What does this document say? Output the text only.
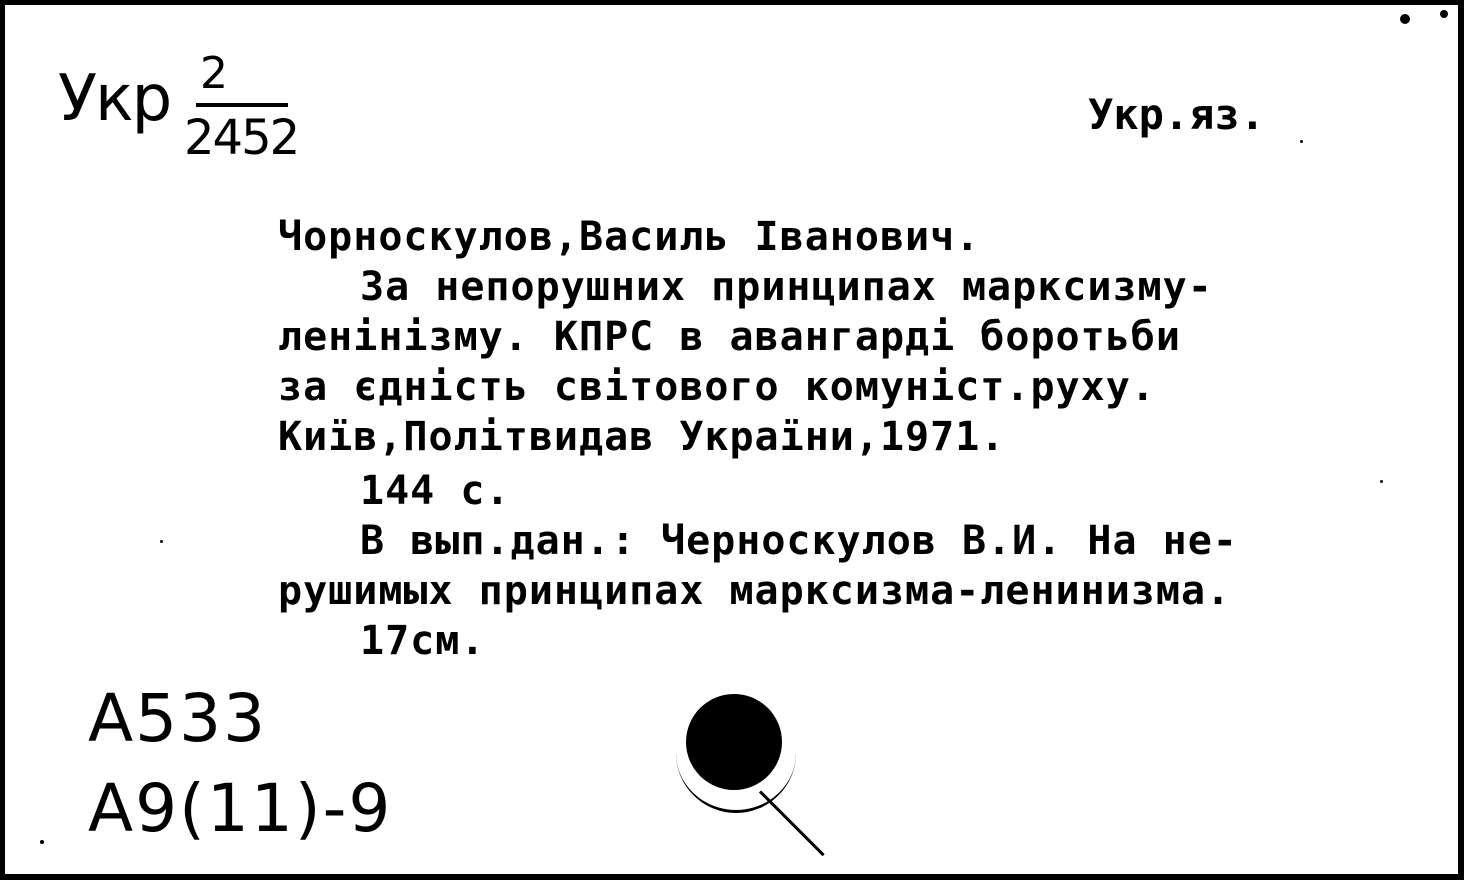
Укр 2
2452	Укр.яз.
Чорноскулов,Василь Іванович.
За непорушних принципах марксизму-
ленінізму. КПРС в авангарді боротьби
за єдність світового комуніст.руху.
Київ,Політвидав України,1971.
144 с.
В вып.дан.: Черноскулов В.И. На не-
рушимых принципах марксизма-ленинизма.
17см.
А533
А9(11)-9
